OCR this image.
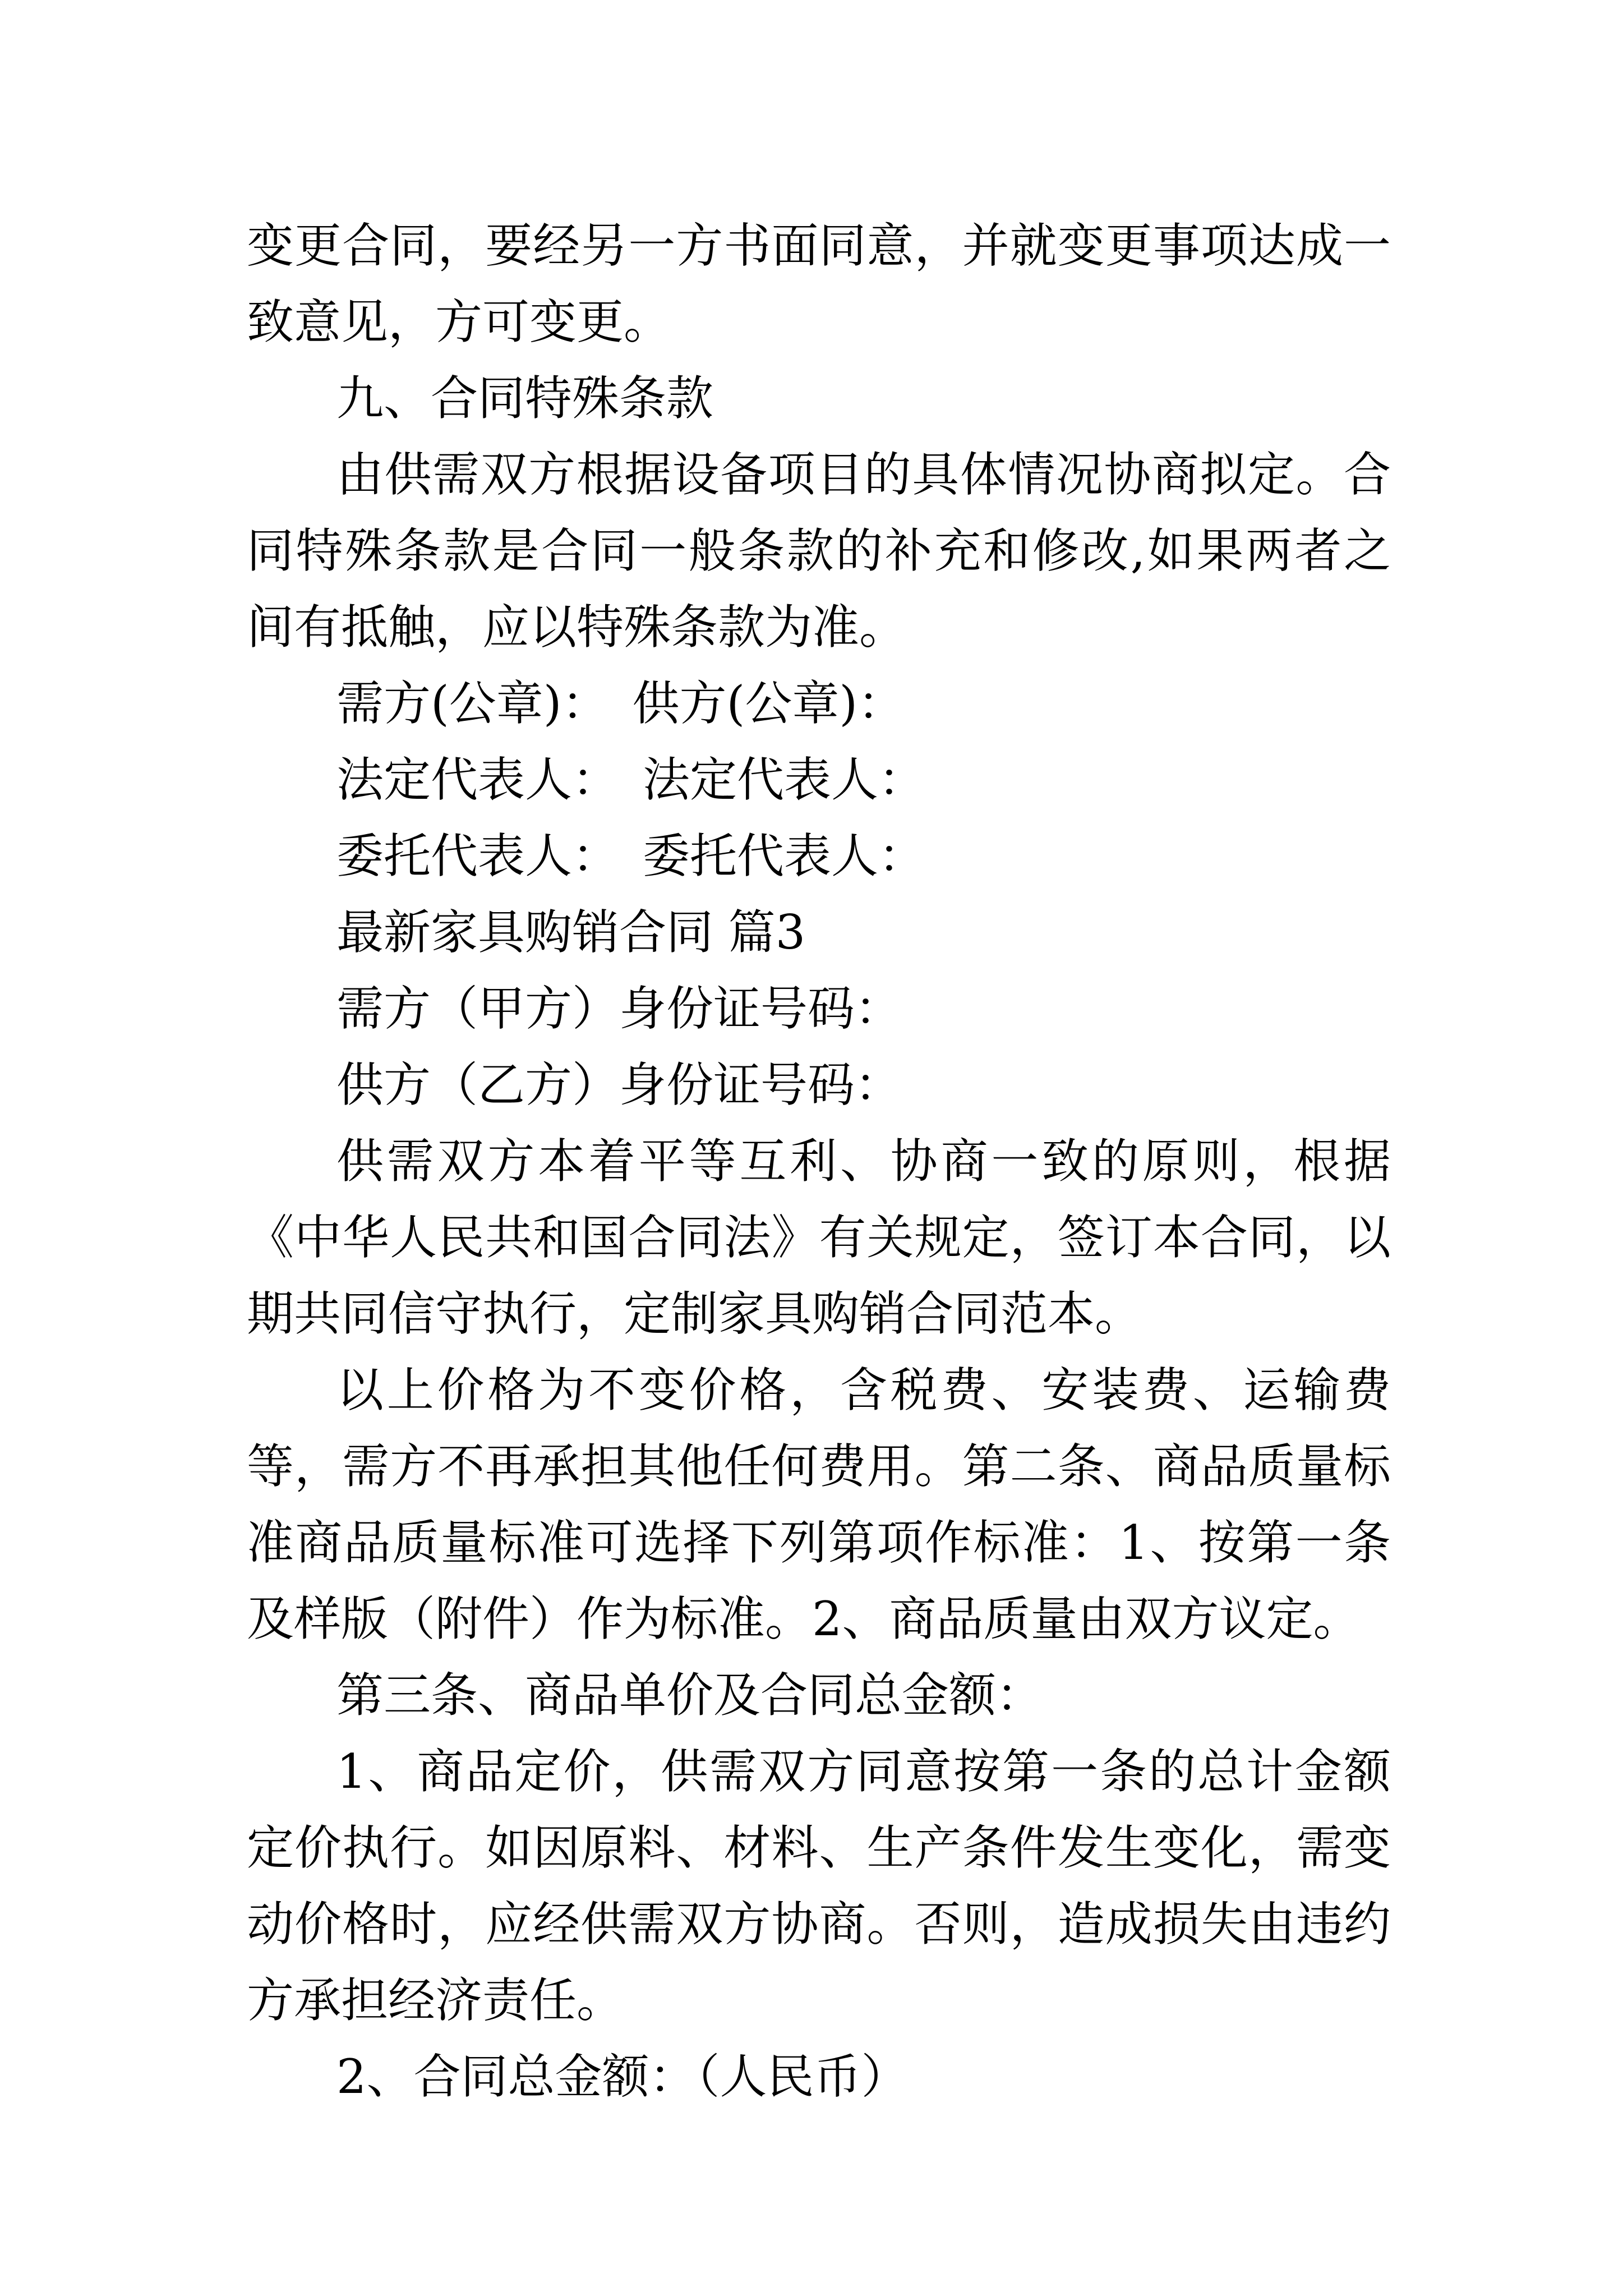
变更合同，要经另一方书面同意，并就变更事项达成一致意见，方可变更。

九、合同特殊条款

由供需双方根据设备项目的具体情况协商拟定。合同特殊条款是合同一般条款的补充和修改,如果两者之间有抵触，应以特殊条款为准。

需方(公章)：　供方(公章)：

法定代表人：　法定代表人：

委托代表人：　委托代表人：

最新家具购销合同 篇3

需方（甲方）身份证号码：

供方（乙方）身份证号码：

供需双方本着平等互利、协商一致的原则，根据《中华人民共和国合同法》有关规定，签订本合同，以期共同信守执行，定制家具购销合同范本。

以上价格为不变价格，含税费、安装费、运输费等，需方不再承担其他任何费用。第二条、商品质量标准商品质量标准可选择下列第项作标准：1、按第一条及样版（附件）作为标准。2、商品质量由双方议定。

第三条、商品单价及合同总金额：

1、商品定价，供需双方同意按第一条的总计金额定价执行。如因原料、材料、生产条件发生变化，需变动价格时，应经供需双方协商。否则，造成损失由违约方承担经济责任。

2、合同总金额：（人民币）
